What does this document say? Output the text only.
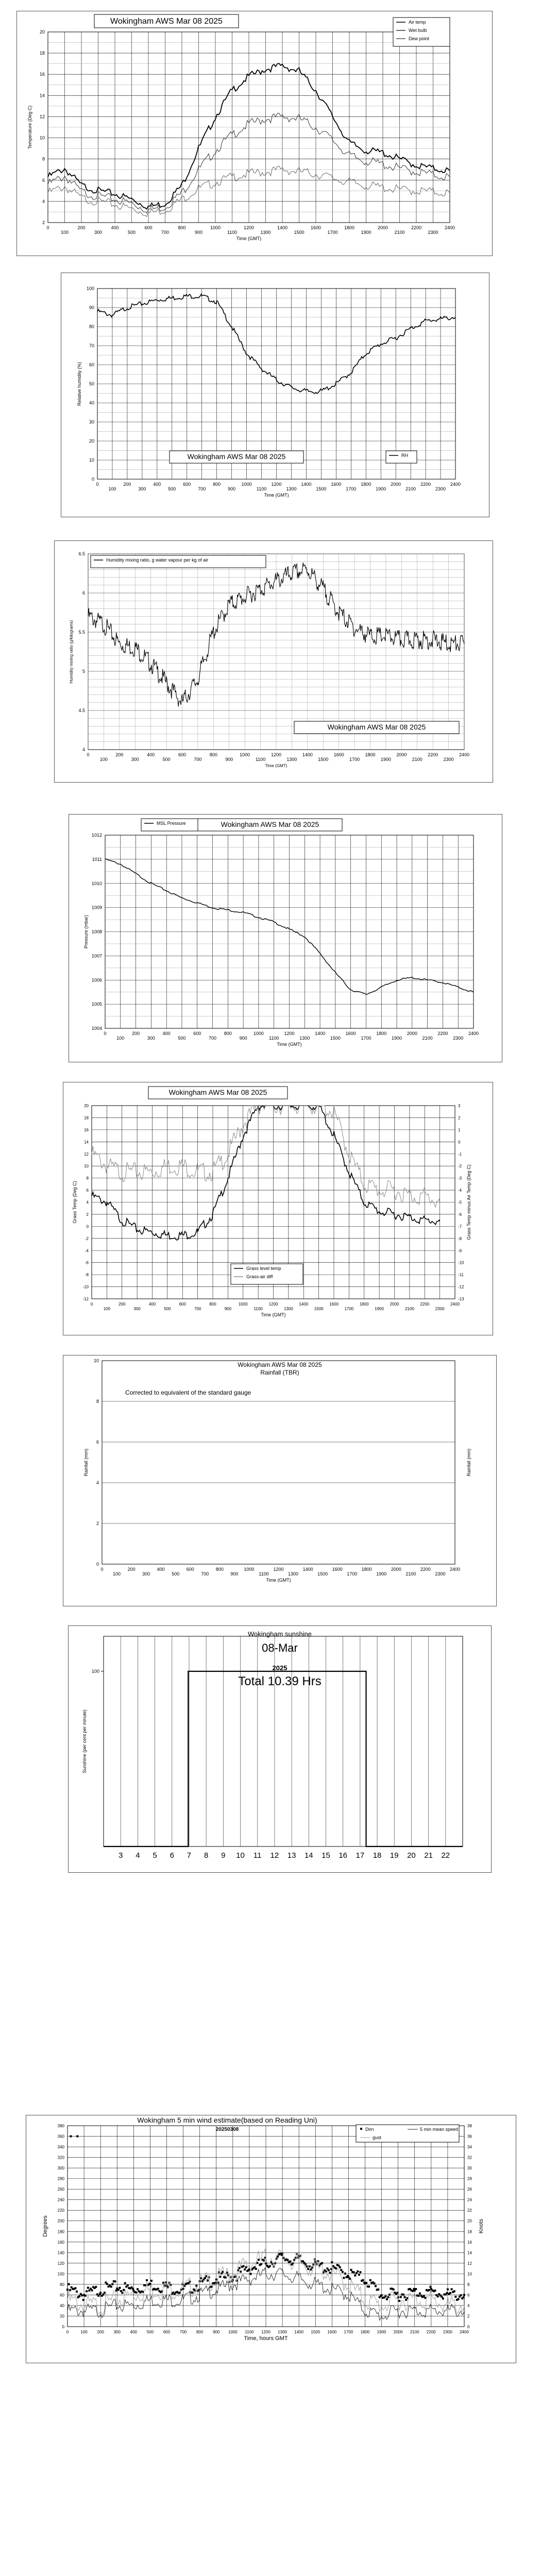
0
100
200
300
400
500
600
700
800
900
1000
1100
1200
1300
1400
1500
1600
1700
1800
1900
2000
2100
2200
2300
2400
2
4
6
8
10
12
14
16
18
20
Time (GMT)
Temperature (Deg C)
Wokingham AWS Mar 08 2025	Air temp
Wet bulb
Dew point
0
100
200
300
400
500
600
700
800
900
1000
1100
1200
1300
1400
1500
1600
1700
1800
1900
2000
2100
2200
2300
2400
0
10
20
30
40
50
60
70
80
90
100
Time (GMT)
Relative humidity (%)
Wokingham AWS Mar 08 2025	RH
0
100
200
300
400
500
600
700
800
900
1000
1100
1200
1300
1400
1500
1600
1700
1800
1900
2000
2100
2200
2300
2400
4
4.5
5
5.5
6
6.5
Time (GMT)
Humidity mixing ratio (g/kilograms)
Humidity mixing ratio, g water vapour per kg of air
Wokingham AWS Mar 08 2025
0
100
200
300
400
500
600
700
800
900
1000
1100
1200
1300
1400
1500
1600
1700
1800
1900
2000
2100
2200
2300
2400
1004
1005
1006
1007
1008
1009
1010
1011
1012
Time (GMT)
Pressure (mbar)
MSL Pressure	Wokingham AWS Mar 08 2025
0
100
200
300
400
500
600
700
800
900
1000
1100
1200
1300
1400
1500
1600
1700
1800
1900
2000
2100
2200
2300
2400
-12
-10
-8
-6
-4
-2
0
2
4
6
8
10
12
14
16
18
20
-13
-12
-11
-10
-9
-8
-7
-6
-5
-4
-3
-2
-1
0
1
2
3
Time (GMT)
Grass Temp (Deg C)	Grass Temp minus Air Temp (Deg C)
Wokingham AWS Mar 08 2025
Grass level temp
Grass-air diff
0
100
200
300
400
500
600
700
800
900
1000
1100
1200
1300
1400
1500
1600
1700
1800
1900
2000
2100
2200
2300
2400
0
2
4
6
8
10
Time (GMT)
Rainfall (mm)	Rainfall (mm)
Wokingham AWS Mar 08 2025
Rainfall (TBR)
Corrected to equivalent of the standard gauge
3 4 5 6 7 8 9 10 11 12 13 14 15 16 17 18 19 20 21 22
100
Sunshine (per cent per minute)
Wokingham sunshine
08-Mar
2025
Total 10.39 Hrs
0	100 200 300 400 500 600 700 800 900 1000 1100 1200 1300 1400 1500 1600 1700 1800 1900 2000 2100 2200 2300 2400
0
20
40
60
80
100
120
140
160
180
200
220
240
260
280
300
320
340
360
380
0
2
4
6
8
10
12
14
16
18
20
22
24
26
28
30
32
34
36
38
Time, hours GMT
Degrees	Knots
Wokingham 5 min wind estimate(based on Reading Uni)
20250308	Dirn	5 min mean speed
gust
